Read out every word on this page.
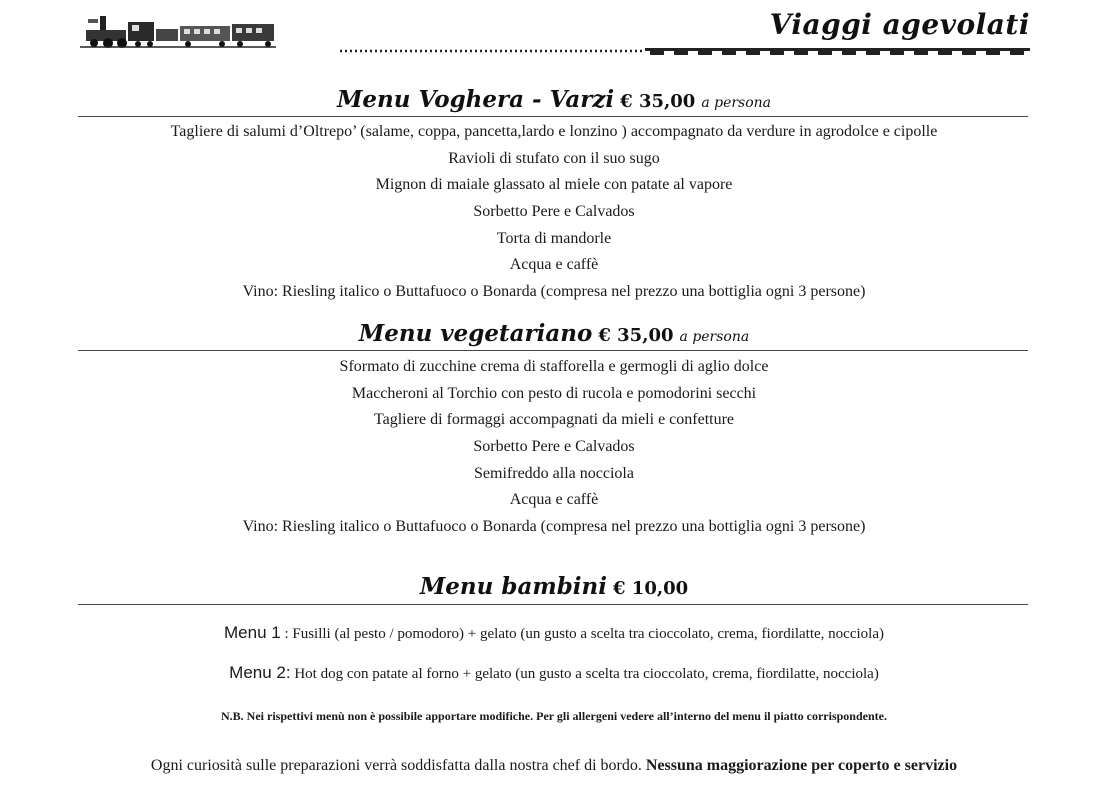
Viaggi agevolati
Menu Voghera - Varzi € 35,00 a persona
Tagliere di salumi d’Oltrepo’ (salame, coppa, pancetta,lardo e lonzino ) accompagnato da verdure in agrodolce e cipolle
Ravioli di stufato con il suo sugo
Mignon di maiale glassato al miele con patate al vapore
Sorbetto Pere e Calvados
Torta di mandorle
Acqua e caffè
Vino: Riesling italico o Buttafuoco o Bonarda (compresa nel prezzo una bottiglia ogni 3 persone)
Menu vegetariano € 35,00 a persona
Sformato di zucchine crema di stafforella e germogli di aglio dolce
Maccheroni al Torchio con pesto di rucola e pomodorini secchi
Tagliere di formaggi accompagnati da mieli e confetture
Sorbetto Pere e Calvados
Semifreddo alla nocciola
Acqua e caffè
Vino: Riesling italico o Buttafuoco o Bonarda (compresa nel prezzo una bottiglia ogni 3 persone)
Menu bambini € 10,00
Menu 1 : Fusilli (al pesto / pomodoro) + gelato (un gusto a scelta tra cioccolato, crema, fiordilatte, nocciola)
Menu 2: Hot dog con patate al forno + gelato (un gusto a scelta tra cioccolato, crema, fiordilatte, nocciola)
N.B. Nei rispettivi menù non è possibile apportare modifiche. Per gli allergeni vedere all’interno del menu il piatto corrispondente.
Ogni curiosità sulle preparazioni verrà soddisfatta dalla nostra chef di bordo. Nessuna maggiorazione per coperto e servizio
